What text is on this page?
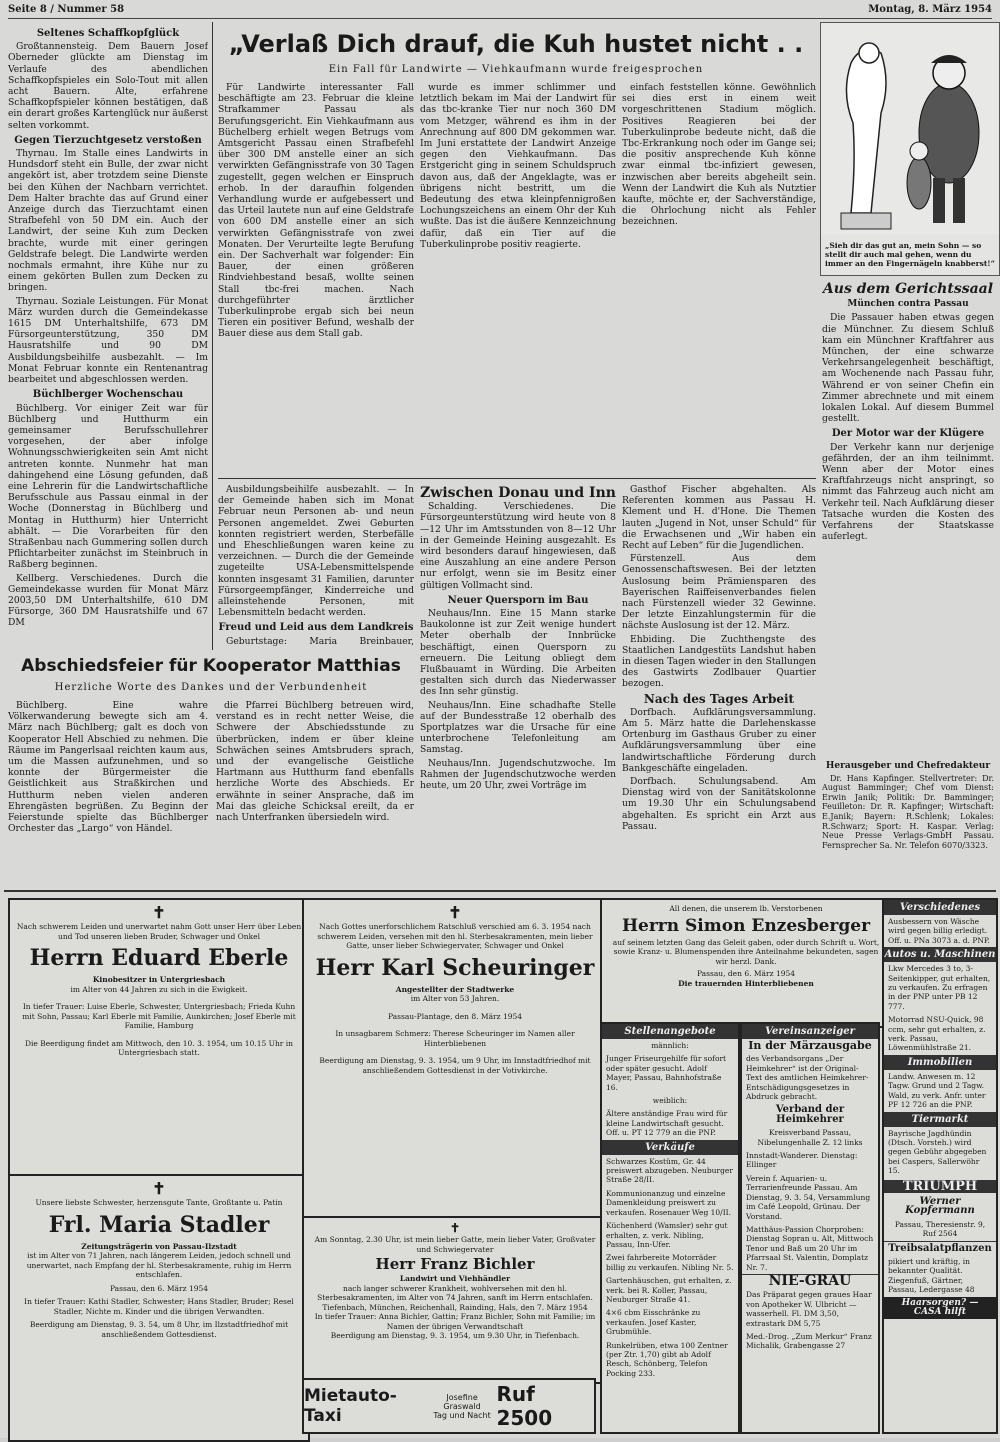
Seite 8 / Nummer 58	Montag, 8. März 1954
Seltenes Schaffkopfglück

Großtannensteig. Dem Bauern Josef Oberneder glückte am Dienstag im Verlaufe des abendlichen Schaffkopfspieles ein Solo-Tout mit allen acht Bauern. Alte, erfahrene Schaffkopfspieler können bestätigen, daß ein derart großes Kartenglück nur äußerst selten vorkommt.

Gegen Tierzuchtgesetz verstoßen

Thyrnau. Im Stalle eines Landwirts in Hundsdorf steht ein Bulle, der zwar nicht angekört ist, aber trotzdem seine Dienste bei den Kühen der Nachbarn verrichtet. Dem Halter brachte das auf Grund einer Anzeige durch das Tierzuchtamt einen Strafbefehl von 50 DM ein. Auch der Landwirt, der seine Kuh zum Decken brachte, wurde mit einer geringen Geldstrafe belegt. Die Landwirte werden nochmals ermahnt, ihre Kühe nur zu einem gekörten Bullen zum Decken zu bringen.

Thyrnau. Soziale Leistungen. Für Monat März wurden durch die Gemeindekasse 1615 DM Unterhaltshilfe, 673 DM Fürsorgeunterstützung, 350 DM Hausratshilfe und 90 DM Ausbildungsbeihilfe ausbezahlt. — Im Monat Februar konnte ein Rentenantrag bearbeitet und abgeschlossen werden.

Büchlberger Wochenschau

Büchlberg. Vor einiger Zeit war für Büchlberg und Hutthurm ein gemeinsamer Berufsschullehrer vorgesehen, der aber infolge Wohnungsschwierigkeiten sein Amt nicht antreten konnte. Nunmehr hat man dahingehend eine Lösung gefunden, daß eine Lehrerin für die Landwirtschaftliche Berufsschule aus Passau einmal in der Woche (Donnerstag in Büchlberg und Montag in Hutthurm) hier Unterricht abhält. — Die Vorarbeiten für den Straßenbau nach Gummering sollen durch Pflichtarbeiter zunächst im Steinbruch in Raßberg beginnen.

Kellberg. Verschiedenes. Durch die Gemeindekasse wurden für Monat März 2003,50 DM Unterhaltshilfe, 610 DM Fürsorge, 360 DM Hausratshilfe und 67 DM

„Verlaß Dich drauf, die Kuh hustet nicht . .
Ein Fall für Landwirte — Viehkaufmann wurde freigesprochen

Für Landwirte interessanter Fall beschäftigte am 23. Februar die kleine Strafkammer Passau als Berufungsgericht. Ein Viehkaufmann aus Büchelberg erhielt wegen Betrugs vom Amtsgericht Passau einen Strafbefehl über 300 DM anstelle einer an sich verwirkten Gefängnisstrafe von 30 Tagen zugestellt, gegen welchen er Einspruch erhob. In der daraufhin folgenden Verhandlung wurde er aufgebessert und das Urteil lautete nun auf eine Geldstrafe von 600 DM anstelle einer an sich verwirkten Gefängnisstrafe von zwei Monaten. Der Verurteilte legte Berufung ein. Der Sachverhalt war folgender: Ein Bauer, der einen größeren Rindviehbestand besaß, wollte seinen Stall tbc-frei machen. Nach durchgeführter ärztlicher Tuberkulinprobe ergab sich bei neun Tieren ein positiver Befund, weshalb der Bauer diese aus dem Stall gab.

wurde es immer schlimmer und letztlich bekam im Mai der Landwirt für das tbc-kranke Tier nur noch 360 DM vom Metzger, während es ihm in der Anrechnung auf 800 DM gekommen war. Im Juni erstattete der Landwirt Anzeige gegen den Viehkaufmann. Das Erstgericht ging in seinem Schuldspruch davon aus, daß der Angeklagte, was er übrigens nicht bestritt, um die Bedeutung des etwa kleinpfennigroßen Lochungszeichens an einem Ohr der Kuh wußte. Das ist die äußere Kennzeichnung dafür, daß ein Tier auf die Tuberkulinprobe positiv reagierte.

einfach feststellen könne. Gewöhnlich sei dies erst in einem weit vorgeschrittenen Stadium möglich. Positives Reagieren bei der Tuberkulinprobe bedeute nicht, daß die Tbc-Erkrankung noch oder im Gange sei; die positiv ansprechende Kuh könne zwar einmal tbc-infiziert gewesen, inzwischen aber bereits abgeheilt sein. Wenn der Landwirt die Kuh als Nutztier kaufte, möchte er, der Sachverständige, die Ohrlochung nicht als Fehler bezeichnen.

Ausbildungsbeihilfe ausbezahlt. — In der Gemeinde haben sich im Monat Februar neun Personen ab- und neun Personen angemeldet. Zwei Geburten konnten registriert werden, Sterbefälle und Eheschließungen waren keine zu verzeichnen. — Durch die der Gemeinde zugeteilte USA-Lebensmittelspende konnten insgesamt 31 Familien, darunter Fürsorgeempfänger, Kinderreiche und alleinstehende Personen, mit Lebensmitteln bedacht werden.

Freud und Leid aus dem Landkreis

Geburtstage: Maria Breinbauer,

Zwischen Donau und Inn

Schalding. Verschiedenes. Die Fürsorgeunterstützung wird heute von 8—12 Uhr im Amtsstunden von 8—12 Uhr in der Gemeinde Heining ausgezahlt. Es wird besonders darauf hingewiesen, daß eine Auszahlung an eine andere Person nur erfolgt, wenn sie im Besitz einer gültigen Vollmacht sind.

Neuer Quersporn im Bau

Neuhaus/Inn. Eine 15 Mann starke Baukolonne ist zur Zeit wenige hundert Meter oberhalb der Innbrücke beschäftigt, einen Quersporn zu erneuern. Die Leitung obliegt dem Flußbauamt in Würding. Die Arbeiten gestalten sich durch das Niederwasser des Inn sehr günstig.

Neuhaus/Inn. Eine schadhafte Stelle auf der Bundesstraße 12 oberhalb des Sportplatzes war die Ursache für eine unterbrochene Telefonleitung am Samstag.

Neuhaus/Inn. Jugendschutzwoche. Im Rahmen der Jugendschutzwoche werden heute, um 20 Uhr, zwei Vorträge im

Gasthof Fischer abgehalten. Als Referenten kommen aus Passau H. Klement und H. d'Hone. Die Themen lauten „Jugend in Not, unser Schuld“ für die Erwachsenen und „Wir haben ein Recht auf Leben“ für die Jugendlichen.

Fürstenzell. Aus dem Genossenschaftswesen. Bei der letzten Auslosung beim Prämiensparen des Bayerischen Raiffeisenverbandes fielen nach Fürstenzell wieder 32 Gewinne. Der letzte Einzahlungstermin für die nächste Auslosung ist der 12. März.

Ehbiding. Die Zuchthengste des Staatlichen Landgestüts Landshut haben in diesen Tagen wieder in den Stallungen des Gastwirts Zodlbauer Quartier bezogen.

Nach des Tages Arbeit

Dorfbach. Aufklärungsversammlung. Am 5. März hatte die Darlehenskasse Ortenburg im Gasthaus Gruber zu einer Aufklärungsversammlung über eine landwirtschaftliche Förderung durch Bankgeschäfte eingeladen.

Dorfbach. Schulungsabend. Am Dienstag wird von der Sanitätskolonne um 19.30 Uhr ein Schulungsabend abgehalten. Es spricht ein Arzt aus Passau.

Abschiedsfeier für Kooperator Matthias
Herzliche Worte des Dankes und der Verbundenheit

Büchlberg. Eine wahre Völkerwanderung bewegte sich am 4. März nach Büchlberg; galt es doch von Kooperator Hell Abschied zu nehmen. Die Räume im Pangerlsaal reichten kaum aus, um die Massen aufzunehmen, und so konnte der Bürgermeister die Geistlichkeit aus Straßkirchen und Hutthurm neben vielen anderen Ehrengästen begrüßen. Zu Beginn der Feierstunde spielte das Büchlberger Orchester das „Largo“ von Händel.

die Pfarrei Büchlberg betreuen wird, verstand es in recht netter Weise, die Schwere der Abschiedsstunde zu überbrücken, indem er über kleine Schwächen seines Amtsbruders sprach, und der evangelische Geistliche Hartmann aus Hutthurm fand ebenfalls herzliche Worte des Abschieds. Er erwähnte in seiner Ansprache, daß im Mai das gleiche Schicksal ereilt, da er nach Unterfranken übersiedeln wird.

„Sieh dir das gut an, mein Sohn — so stellt dir auch mal gehen, wenn du immer an den Fingernägeln knabberst!“
Aus dem Gerichtssaal
München contra Passau

Die Passauer haben etwas gegen die Münchner. Zu diesem Schluß kam ein Münchner Kraftfahrer aus München, der eine schwarze Verkehrsangelegenheit beschäftigt, am Wochenende nach Passau fuhr, Während er von seiner Chefin ein Zimmer abrechnete und mit einem lokalen Lokal. Auf diesem Bummel gestellt.

Der Motor war der Klügere

Der Verkehr kann nur derjenige gefährden, der an ihm teilnimmt. Wenn aber der Motor eines Kraftfahrzeugs nicht anspringt, so nimmt das Fahrzeug auch nicht am Verkehr teil. Nach Aufklärung dieser Tatsache wurden die Kosten des Verfahrens der Staatskasse auferlegt.

Herausgeber und Chefredakteur

Dr. Hans Kapfinger. Stellvertreter: Dr. August Bamminger; Chef vom Dienst: Erwin Janik; Politik: Dr. Bamminger; Feuilleton: Dr. R. Kapfinger; Wirtschaft: E.Janik; Bayern: R.Schlenk; Lokales: R.Schwarz; Sport: H. Kaspar. Verlag: Neue Presse Verlags-GmbH Passau. Fernsprecher Sa. Nr. Telefon 6070/3323.

✝
Nach schwerem Leiden und unerwartet nahm Gott unser Herr über Leben und Tod unseren lieben Bruder, Schwager und Onkel
Herrn Eduard Eberle
Kinobesitzer in Untergriesbach
im Alter von 44 Jahren zu sich in die Ewigkeit.
In tiefer Trauer: Luise Eberle, Schwester, Untergriesbach; Frieda Kuhn mit Sohn, Passau; Karl Eberle mit Familie, Aunkirchen; Josef Eberle mit Familie, Hamburg
Die Beerdigung findet am Mittwoch, den 10. 3. 1954, um 10.15 Uhr in Untergriesbach statt.
✝
Unsere liebste Schwester, herzensgute Tante, Großtante u. Patin
Frl. Maria Stadler
Zeitungsträgerin von Passau-Ilzstadt
ist im Alter von 71 Jahren, nach längerem Leiden, jedoch schnell und unerwartet, nach Empfang der hl. Sterbesakramente, ruhig im Herrn entschlafen.
Passau, den 6. März 1954
In tiefer Trauer: Kathi Stadler, Schwester; Hans Stadler, Bruder; Resel Stadler, Nichte m. Kinder und die übrigen Verwandten.
Beerdigung am Dienstag, 9. 3. 54, um 8 Uhr, im Ilzstadtfriedhof mit anschließendem Gottesdienst.
✝
Nach Gottes unerforschlichem Ratschluß verschied am 6. 3. 1954 nach schwerem Leiden, versehen mit den hl. Sterbesakramenten, mein lieber Gatte, unser lieber Schwiegervater, Schwager und Onkel
Herr Karl Scheuringer
Angestellter der Stadtwerke
im Alter von 53 Jahren.
Passau-Plantage, den 8. März 1954
In unsagbarem Schmerz: Therese Scheuringer im Namen aller Hinterbliebenen
Beerdigung am Dienstag, 9. 3. 1954, um 9 Uhr, im Innstadtfriedhof mit anschließendem Gottesdienst in der Votivkirche.
✝
Am Sonntag, 2.30 Uhr, ist mein lieber Gatte, mein lieber Vater, Großvater und Schwiegervater
Herr Franz Bichler
Landwirt und Viehhändler
nach langer schwerer Krankheit, wohlversehen mit den hl. Sterbesakramenten, im Alter von 74 Jahren, sanft im Herrn entschlafen.
Tiefenbach, München, Reichenhall, Rainding, Hals, den 7. März 1954
In tiefer Trauer: Anna Bichler, Gattin; Franz Bichler, Sohn mit Familie; im Namen der übrigen Verwandtschaft
Beerdigung am Dienstag, 9. 3. 1954, um 9.30 Uhr, in Tiefenbach.
Mietauto-Taxi
Josefine Graswald
Tag und Nacht
Ruf 2500
All denen, die unserem lb. Verstorbenen
Herrn Simon Enzesberger
auf seinem letzten Gang das Geleit gaben, oder durch Schrift u. Wort, sowie Kranz- u. Blumenspenden ihre Anteilnahme bekundeten, sagen wir herzl. Dank.
Passau, den 6. März 1954
Die trauernden Hinterbliebenen
Stellenangebote
männlich:
Junger Friseurgehilfe für sofort oder später gesucht. Adolf Mayer, Passau, Bahnhofstraße 16.
weiblich:
Ältere anständige Frau wird für kleine Landwirtschaft gesucht. Off. u. PT 12 779 an die PNP.
Verkäufe
Schwarzes Kostüm, Gr. 44 preiswert abzugeben. Neuburger Straße 28/II.
Kommunionanzug und einzelne Damenkleidung preiswert zu verkaufen. Rosenauer Weg 10/II.
Küchenherd (Wamsler) sehr gut erhalten, z. verk. Nibling, Passau, Inn-Ufer.
Zwei fahrbereite Motorräder billig zu verkaufen. Nibling Nr. 5.
Gartenhäuschen, gut erhalten, z. verk. bei R. Koller, Passau, Neuburger Straße 41.
4×6 cbm Eisschränke zu verkaufen. Josef Kaster, Grubmühle.
Runkelrüben, etwa 100 Zentner (per Ztr. 1,70) gibt ab Adolf Resch, Schönberg, Telefon Pocking 233.
Vereinsanzeiger
In der Märzausgabe
des Verbandsorgans „Der Heimkehrer“ ist der Original-Text des amtlichen Heimkehrer-Entschädigungsgesetzes in Abdruck gebracht.
Verband der Heimkehrer
Kreisverband Passau, Nibelungenhalle Z. 12 links
Innstadt-Wanderer. Dienstag: Ellinger
Verein f. Aquarien- u. Terrarienfreunde Passau. Am Dienstag, 9. 3. 54, Versammlung im Café Leopold, Grünau. Der Vorstand.
Matthäus-Passion Chorproben: Dienstag Sopran u. Alt, Mittwoch Tenor und Baß um 20 Uhr im Pfarrsaal St. Valentin, Domplatz Nr. 7.
NIE-GRAU
Das Präparat gegen graues Haar von Apotheker W. Ulbricht — wasserhell. Fl. DM 3,50, extrastark DM 5,75
Med.-Drog. „Zum Merkur“ Franz Michalik, Grabengasse 27
Verschiedenes
Ausbessern von Wäsche wird gegen billig erledigt. Off. u. PNa 3073 a. d. PNP.
Autos u. Maschinen
Lkw Mercedes 3 to, 3-Seitenkipper, gut erhalten, zu verkaufen. Zu erfragen in der PNP unter PB 12 777.
Motorrad NSU-Quick, 98 ccm, sehr gut erhalten, z. verk. Passau, Löwenmühlstraße 21.
Immobilien
Landw. Anwesen m. 12 Tagw. Grund und 2 Tagw. Wald, zu verk. Anfr. unter PF 12 726 an die PNP.
Tiermarkt
Bayrische Jagdhündin (Dtsch. Vorsteh.) wird gegen Gebühr abgegeben bei Caspers, Sallerwöhr 15.
TRIUMPH
Werner Kopfermann
Passau, Theresienstr. 9, Ruf 2564
Treibsalatpflanzen
pikiert und kräftig, in bekannter Qualität. Ziegenfuß, Gärtner, Passau, Ledergasse 48
Haarsorgen? — CASA hilft
